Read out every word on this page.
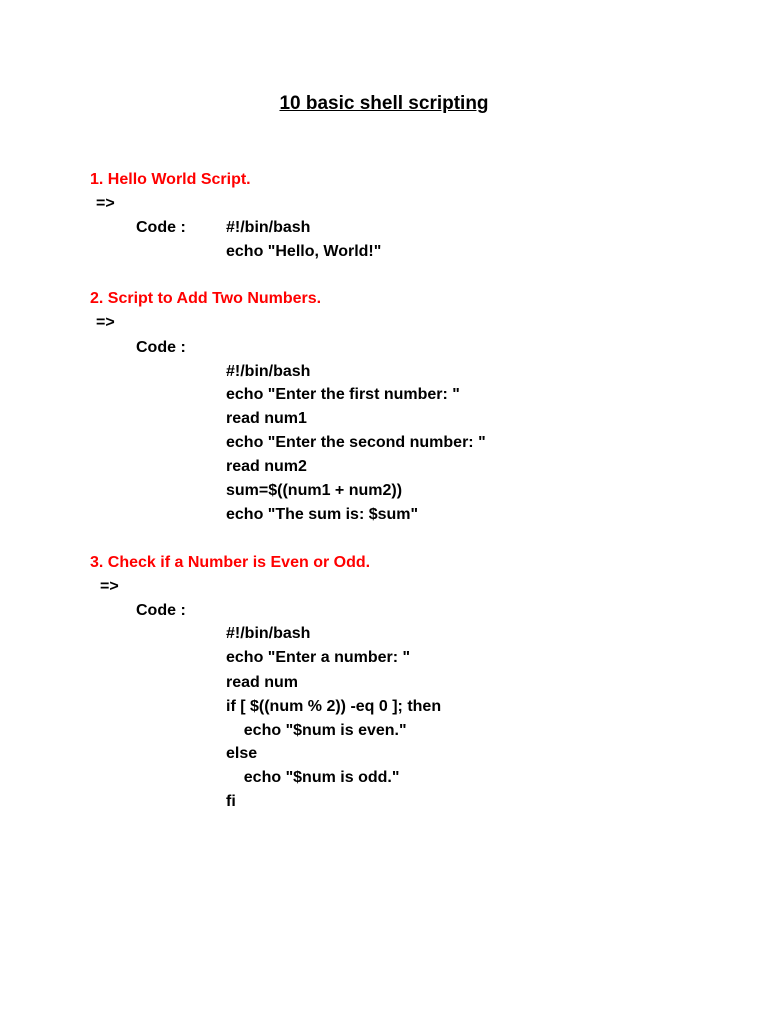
10 basic shell scripting
1. Hello World Script.
=>
Code :	#!/bin/bash
echo "Hello, World!"
2. Script to Add Two Numbers.
=>
Code :
#!/bin/bash
echo "Enter the first number: "
read num1
echo "Enter the second number: "
read num2
sum=$((num1 + num2))
echo "The sum is: $sum"
3. Check if a Number is Even or Odd.
=>
Code :
#!/bin/bash
echo "Enter a number: "
read num
if [ $((num % 2)) -eq 0 ]; then
echo "$num is even."
else
echo "$num is odd."
fi
